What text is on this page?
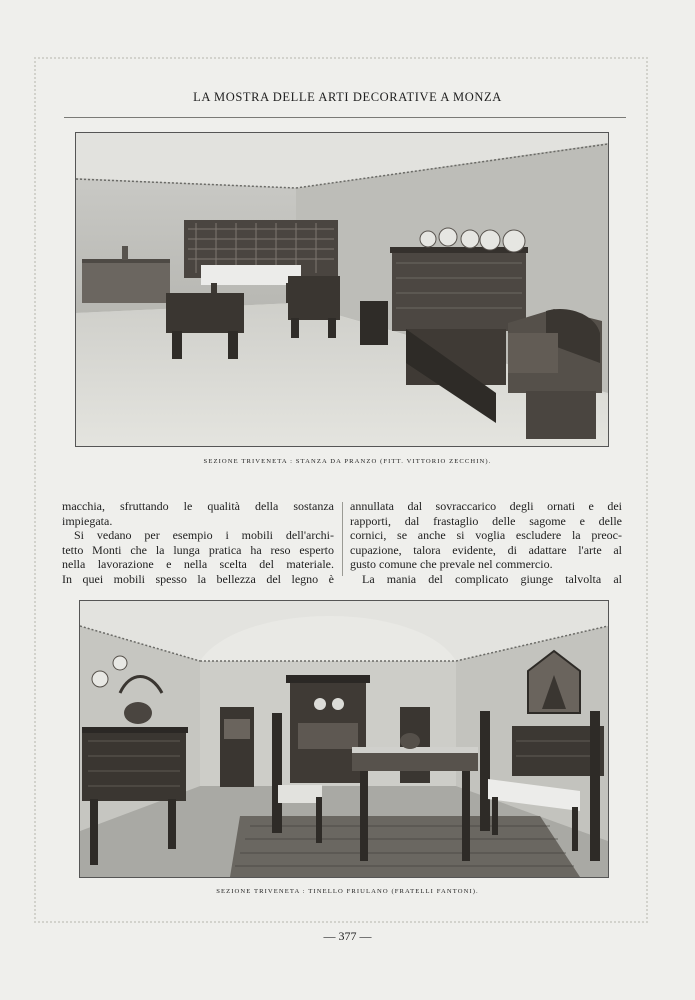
LA MOSTRA DELLE ARTI DECORATIVE A MONZA
SEZIONE TRIVENETA : STANZA DA PRANZO (FITT. VITTORIO ZECCHIN).
macchia, sfruttando le qualità della sostanza
impiegata.
Si vedano per esempio i mobili dell'archi-
tetto Monti che la lunga pratica ha reso esperto
nella lavorazione e nella scelta del materiale.
In quei mobili spesso la bellezza del legno è
annullata dal sovraccarico degli ornati e dei
rapporti, dal frastaglio delle sagome e delle
cornici, se anche si voglia escludere la preoc-
cupazione, talora evidente, di adattare l'arte al
gusto comune che prevale nel commercio.
La mania del complicato giunge talvolta al
SEZIONE TRIVENETA : TINELLO FRIULANO (FRATELLI FANTONI).
— 377 —
